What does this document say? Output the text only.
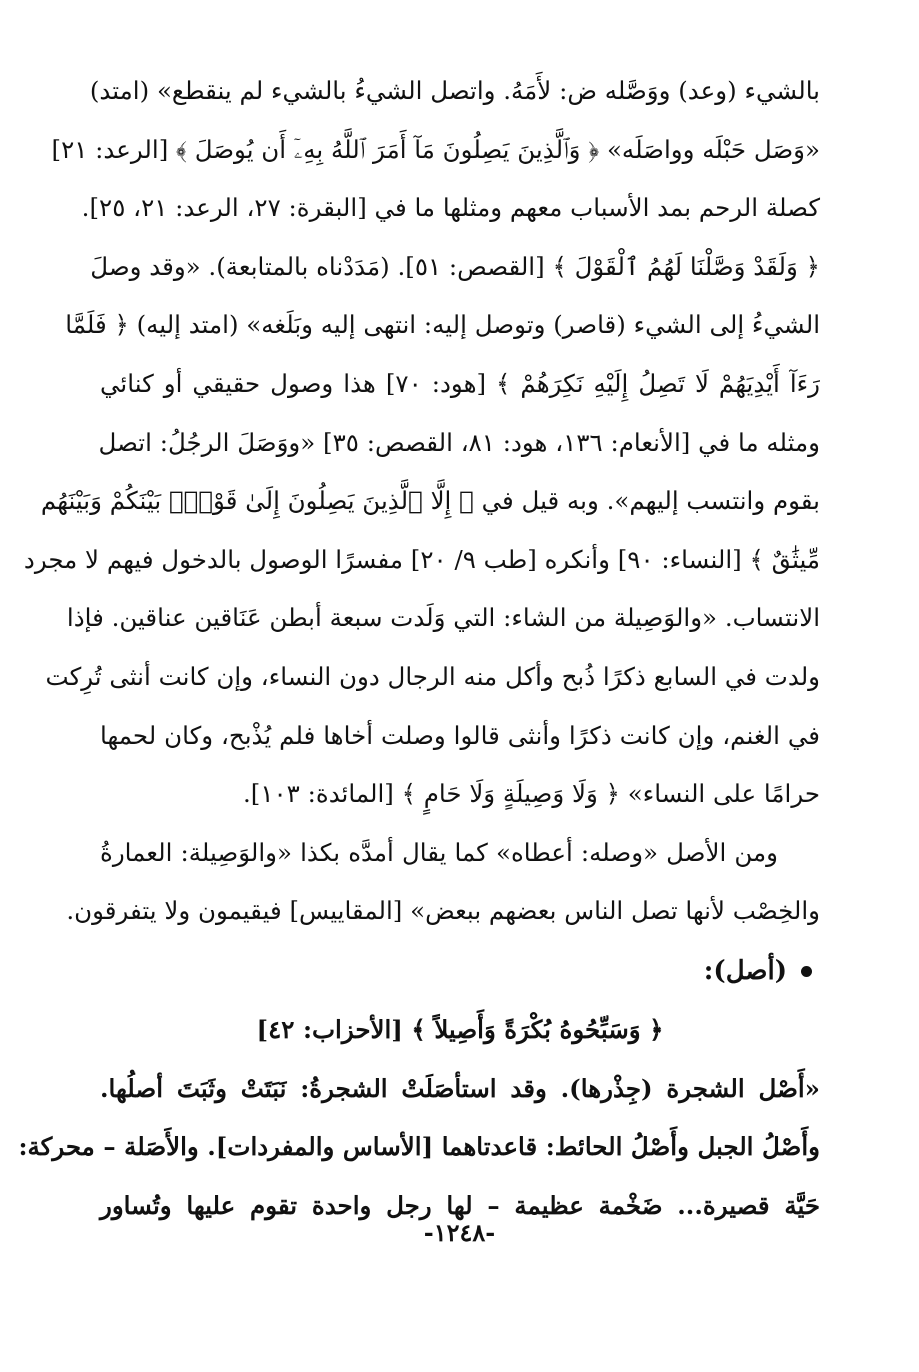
بالشيء (وعد) ووَصَّله ض: لأَمَهُ. واتصل الشيءُ بالشيء لم ينقطع» (امتد)
«وَصَل حَبْلَه وواصَلَه» ﴿ وَٱلَّذِينَ يَصِلُونَ مَآ أَمَرَ ٱللَّهُ بِهِۦٓ أَن يُوصَلَ ﴾ [الرعد: ٢١]
كصلة الرحم بمد الأسباب معهم ومثلها ما في [البقرة: ٢٧، الرعد: ٢١، ٢٥].
﴿ وَلَقَدْ وَصَّلْنَا لَهُمُ ٱلْقَوْلَ ﴾ [القصص: ٥١]. (مَدَدْناه بالمتابعة). «وقد وصلَ
الشيءُ إلى الشيء (قاصر) وتوصل إليه: انتهى إليه وبَلَغه» (امتد إليه) ﴿ فَلَمَّا
رَءَآ أَيْدِيَهُمْ لَا تَصِلُ إِلَيْهِ نَكِرَهُمْ ﴾ [هود: ٧٠] هذا وصول حقيقي أو كنائي
ومثله ما في [الأنعام: ١٣٦، هود: ٨١، القصص: ٣٥] «ووَصَلَ الرجُلُ: اتصل
بقوم وانتسب إليهم». وبه قيل في ﴿ إِلَّا ٱلَّذِينَ يَصِلُونَ إِلَىٰ قَوْمٍۭ بَيْنَكُمْ وَبَيْنَهُم
مِّيثَٰقٌ ﴾ [النساء: ٩٠] وأنكره [طب ٩/ ٢٠] مفسرًا الوصول بالدخول فيهم لا مجرد
الانتساب. «والوَصِيلة من الشاء: التي وَلَدت سبعة أبطن عَنَاقين عناقين. فإذا
ولدت في السابع ذكرًا ذُبح وأكل منه الرجال دون النساء، وإن كانت أنثى تُرِكت
في الغنم، وإن كانت ذكرًا وأنثى قالوا وصلت أخاها فلم يُذْبح، وكان لحمها
حرامًا على النساء» ﴿ وَلَا وَصِيلَةٍ وَلَا حَامٍ ﴾ [المائدة: ١٠٣].
ومن الأصل «وصله: أعطاه» كما يقال أمدَّه بكذا «والوَصِيلة: العمارةُ
والخِصْب لأنها تصل الناس بعضهم ببعض» [المقاييس] فيقيمون ولا يتفرقون.
(أصل):
﴿ وَسَبِّحُوهُ بُكْرَةً وَأَصِيلاً ﴾ [الأحزاب: ٤٢]
«أَصْل الشجرة (جِذْرها). وقد استأصَلَتْ الشجرةُ: نَبَتَتْ وثَبَتَ أصلُها.
وأَصْلُ الجبل وأَصْلُ الحائط: قاعدتاهما [الأساس والمفردات]. والأَصَلة – محركة:
حَيَّة قصيرة... ضَخْمة عظيمة – لها رجل واحدة تقوم عليها وتُساور
-١٢٤٨-
